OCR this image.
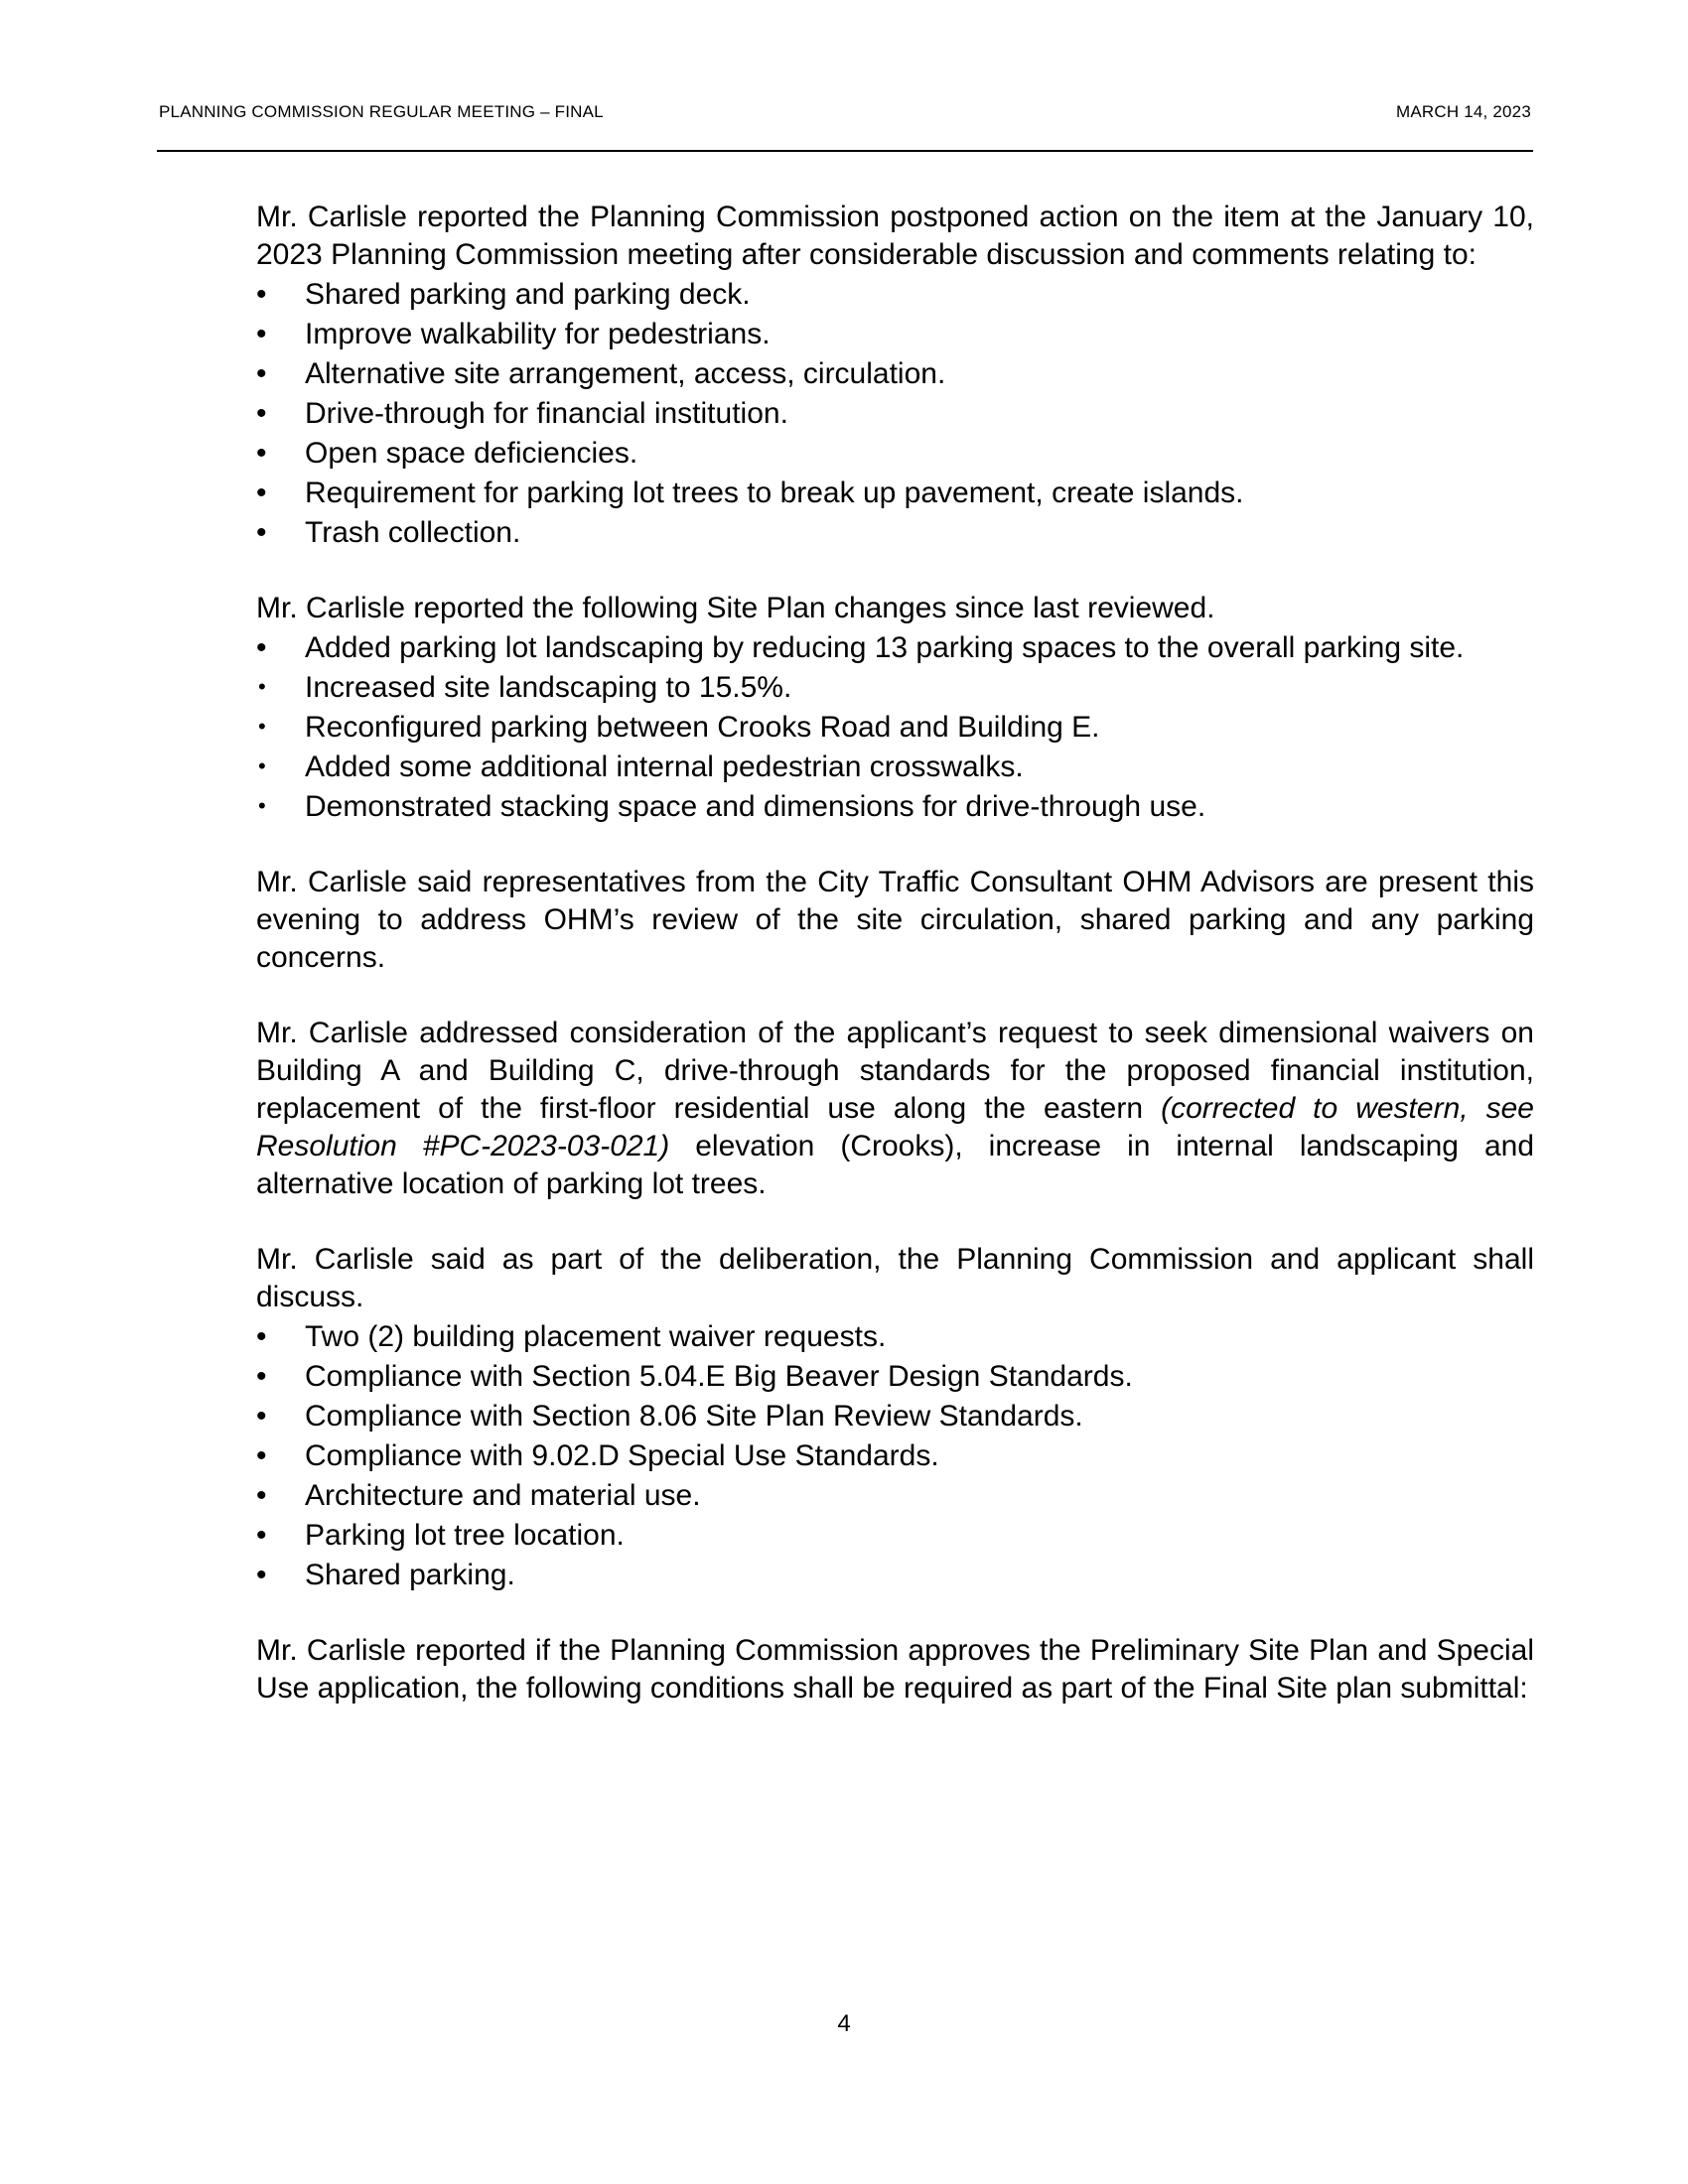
PLANNING COMMISSION REGULAR MEETING – FINAL	MARCH 14, 2023

Mr. Carlisle reported the Planning Commission postponed action on the item at the January 10, 2023 Planning Commission meeting after considerable discussion and comments relating to:

•	Shared parking and parking deck.
•	Improve walkability for pedestrians.
•	Alternative site arrangement, access, circulation.
•	Drive-through for financial institution.
•	Open space deficiencies.
•	Requirement for parking lot trees to break up pavement, create islands.
•	Trash collection.

Mr. Carlisle reported the following Site Plan changes since last reviewed.

•	Added parking lot landscaping by reducing 13 parking spaces to the overall parking site.
•	Increased site landscaping to 15.5%.
•	Reconfigured parking between Crooks Road and Building E.
•	Added some additional internal pedestrian crosswalks.
•	Demonstrated stacking space and dimensions for drive-through use.

Mr. Carlisle said representatives from the City Traffic Consultant OHM Advisors are present this evening to address OHM’s review of the site circulation, shared parking and any parking concerns.

Mr. Carlisle addressed consideration of the applicant’s request to seek dimensional waivers on Building A and Building C, drive-through standards for the proposed financial institution, replacement of the first-floor residential use along the eastern (corrected to western, see Resolution #PC-2023-03-021) elevation (Crooks), increase in internal landscaping and alternative location of parking lot trees.

Mr. Carlisle said as part of the deliberation, the Planning Commission and applicant shall discuss.

•	Two (2) building placement waiver requests.
•	Compliance with Section 5.04.E Big Beaver Design Standards.
•	Compliance with Section 8.06 Site Plan Review Standards.
•	Compliance with 9.02.D Special Use Standards.
•	Architecture and material use.
•	Parking lot tree location.
•	Shared parking.

Mr. Carlisle reported if the Planning Commission approves the Preliminary Site Plan and Special Use application, the following conditions shall be required as part of the Final Site plan submittal:

4
